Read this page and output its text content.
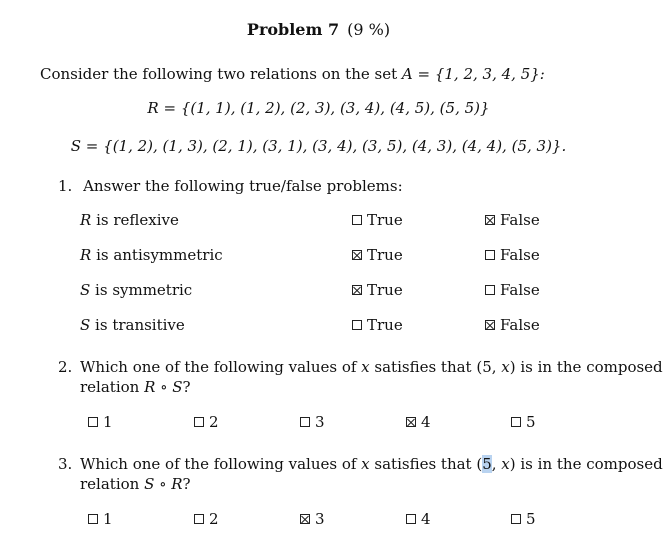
Problem 7 (9 %)
Consider the following two relations on the set A = {1, 2, 3, 4, 5}:
R = {(1, 1), (1, 2), (2, 3), (3, 4), (4, 5), (5, 5)}
S = {(1, 2), (1, 3), (2, 1), (3, 1), (3, 4), (3, 5), (4, 3), (4, 4), (5, 3)}.
1. Answer the following true/false problems:
R is reflexive	True	False
R is antisymmetric	True	False
S is symmetric	True	False
S is transitive	True	False
2. Which one of the following values of x satisfies that (5, x) is in the composed
relation R ∘ S?
1	2	3	4	5
3. Which one of the following values of x satisfies that (5, x) is in the composed
relation S ∘ R?
1	2	3	4	5
